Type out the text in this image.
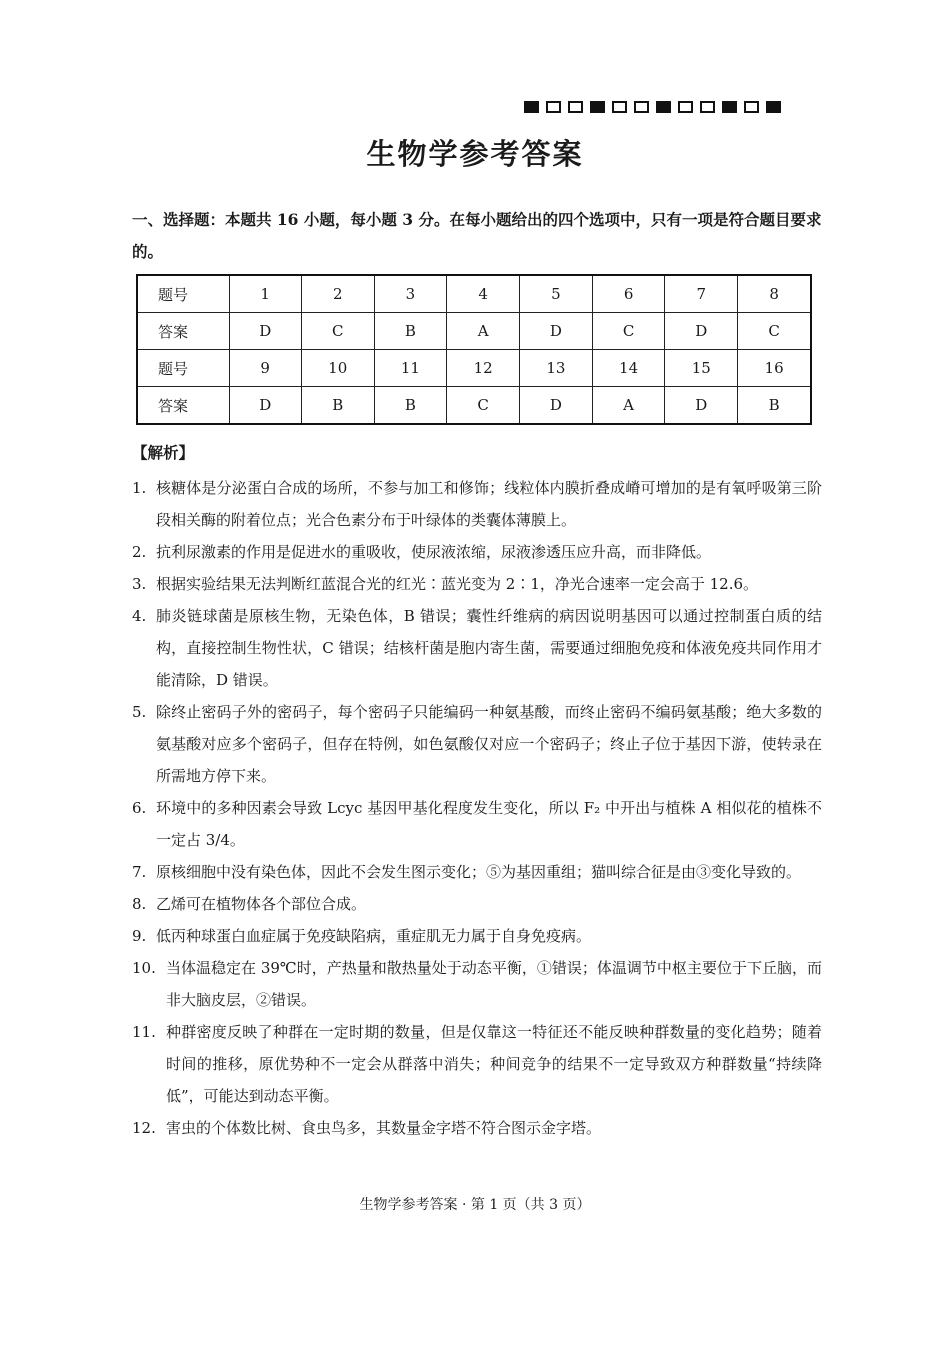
生物学参考答案

一、选择题：本题共 16 小题，每小题 3 分。在每小题给出的四个选项中，只有一项是符合题目要求的。

题号	1	2	3	4	5	6	7	8
答案	D	C	B	A	D	C	D	C
题号	9	10	11	12	13	14	15	16
答案	D	B	B	C	D	A	D	B

【解析】

1. 核糖体是分泌蛋白合成的场所，不参与加工和修饰；线粒体内膜折叠成嵴可增加的是有氧呼吸第三阶段相关酶的附着位点；光合色素分布于叶绿体的类囊体薄膜上。
2. 抗利尿激素的作用是促进水的重吸收，使尿液浓缩，尿液渗透压应升高，而非降低。
3. 根据实验结果无法判断红蓝混合光的红光∶蓝光变为 2∶1，净光合速率一定会高于 12.6。
4. 肺炎链球菌是原核生物，无染色体，B 错误；囊性纤维病的病因说明基因可以通过控制蛋白质的结构，直接控制生物性状，C 错误；结核杆菌是胞内寄生菌，需要通过细胞免疫和体液免疫共同作用才能清除，D 错误。
5. 除终止密码子外的密码子，每个密码子只能编码一种氨基酸，而终止密码不编码氨基酸；绝大多数的氨基酸对应多个密码子，但存在特例，如色氨酸仅对应一个密码子；终止子位于基因下游，使转录在所需地方停下来。
6. 环境中的多种因素会导致 Lcyc 基因甲基化程度发生变化，所以 F₂ 中开出与植株 A 相似花的植株不一定占 3/4。
7. 原核细胞中没有染色体，因此不会发生图示变化；⑤为基因重组；猫叫综合征是由③变化导致的。
8. 乙烯可在植物体各个部位合成。
9. 低丙种球蛋白血症属于免疫缺陷病，重症肌无力属于自身免疫病。
10. 当体温稳定在 39℃时，产热量和散热量处于动态平衡，①错误；体温调节中枢主要位于下丘脑，而非大脑皮层，②错误。
11. 种群密度反映了种群在一定时期的数量，但是仅靠这一特征还不能反映种群数量的变化趋势；随着时间的推移，原优势种不一定会从群落中消失；种间竞争的结果不一定导致双方种群数量“持续降低”，可能达到动态平衡。
12. 害虫的个体数比树、食虫鸟多，其数量金字塔不符合图示金字塔。

生物学参考答案 · 第 1 页（共 3 页）
